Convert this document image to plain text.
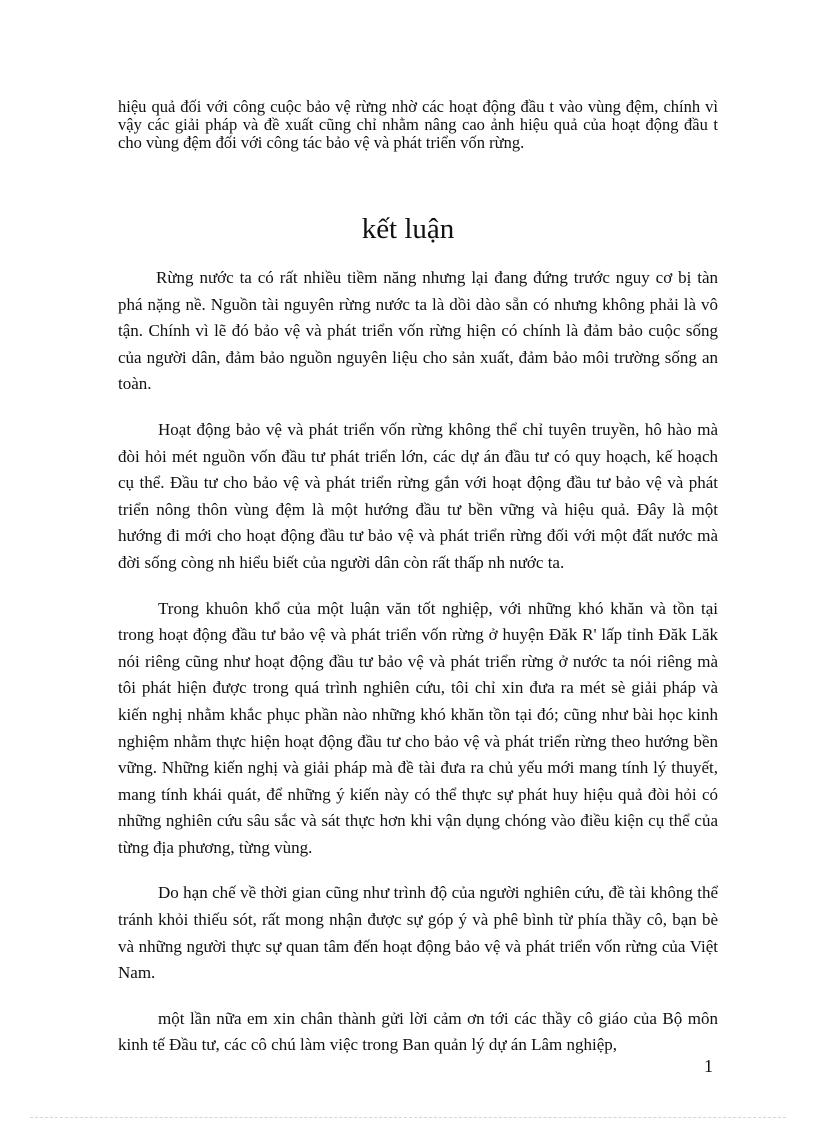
hiệu quả đối với công cuộc bảo vệ rừng nhờ các hoạt động đầu t vào vùng đệm, chính vì vậy các giải pháp và đề xuất cũng chỉ nhằm nâng cao ảnh hiệu quả của hoạt động đầu t cho vùng đệm đối với công tác bảo vệ và phát triển vốn rừng.
kết luận

Rừng nước ta có rất nhiều tiềm năng nhưng lại đang đứng trước nguy cơ bị tàn phá nặng nề. Nguồn tài nguyên rừng nước ta là dồi dào sẵn có nhưng không phải là vô tận. Chính vì lẽ đó bảo vệ và phát triển vốn rừng hiện có chính là đảm bảo cuộc sống của người dân, đảm bảo nguồn nguyên liệu cho sản xuất, đảm bảo môi trường sống an toàn.

Hoạt động bảo vệ và phát triển vốn rừng không thể chỉ tuyên truyền, hô hào mà đòi hỏi mét nguồn vốn đầu tư phát triển lớn, các dự án đầu tư có quy hoạch, kế hoạch cụ thể. Đầu tư cho bảo vệ và phát triển rừng gắn với hoạt động đầu tư bảo vệ và phát triển nông thôn vùng đệm là một hướng đầu tư bền vững và hiệu quả. Đây là một hướng đi mới cho hoạt động đầu tư bảo vệ và phát triển rừng đối với một đất nước mà đời sống còng nh hiểu biết của người dân còn rất thấp nh nước ta.

Trong khuôn khổ của một luận văn tốt nghiệp, với những khó khăn và tồn tại trong hoạt động đầu tư bảo vệ và phát triển vốn rừng ở huyện Đăk R' lấp tỉnh Đăk Lăk nói riêng cũng như hoạt động đầu tư bảo vệ và phát triển rừng ở nước ta nói riêng mà tôi phát hiện được trong quá trình nghiên cứu, tôi chỉ xin đưa ra mét sè giải pháp và kiến nghị nhằm khắc phục phần nào những khó khăn tồn tại đó; cũng như bài học kinh nghiệm nhằm thực hiện hoạt động đầu tư cho bảo vệ và phát triển rừng theo hướng bền vững. Những kiến nghị và giải pháp mà đề tài đưa ra chủ yếu mới mang tính lý thuyết, mang tính khái quát, để những ý kiến này có thể thực sự phát huy hiệu quả đòi hỏi có những nghiên cứu sâu sắc và sát thực hơn khi vận dụng chóng vào điều kiện cụ thể của từng địa phương, từng vùng.

Do hạn chế về thời gian cũng như trình độ của người nghiên cứu, đề tài không thể tránh khỏi thiếu sót, rất mong nhận được sự góp ý và phê bình từ phía thầy cô, bạn bè và những người thực sự quan tâm đến hoạt động bảo vệ và phát triển vốn rừng của Việt Nam.

một lần nữa em xin chân thành gửi lời cảm ơn tới các thầy cô giáo của Bộ môn kinh tế Đầu tư, các cô chú làm việc trong Ban quản lý dự án Lâm nghiệp,

1
